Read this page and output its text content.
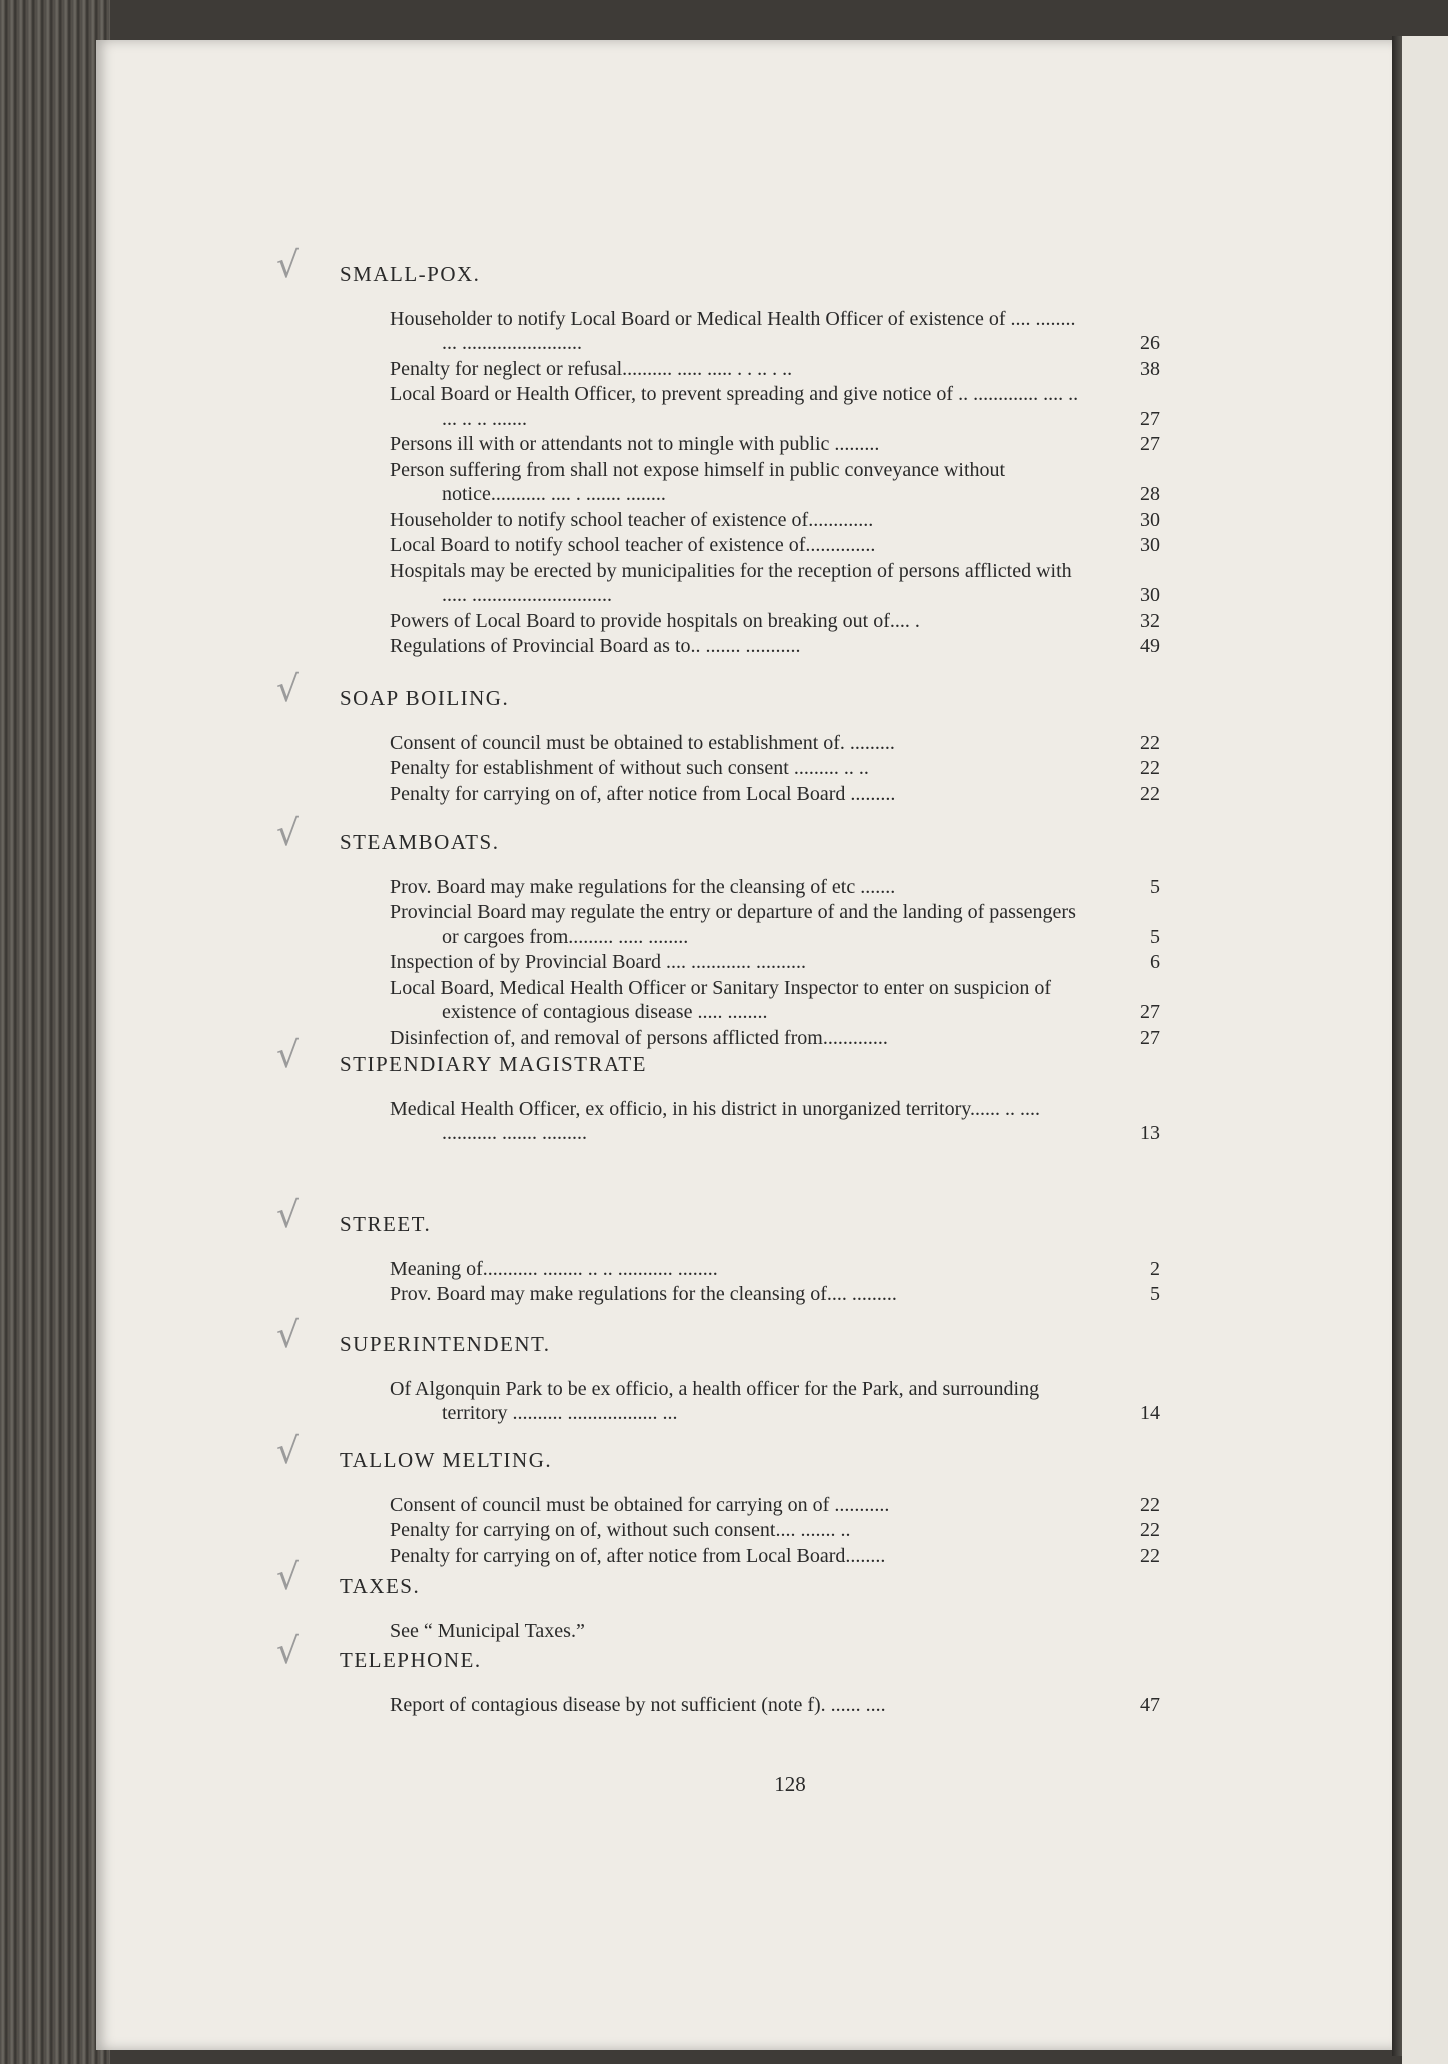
√ SMALL-POX.
Householder to notify Local Board or Medical Health Officer of existence of .... ........ ... ........................	26
Penalty for neglect or refusal.......... ..... ..... . . .. . ..	38
Local Board or Health Officer, to prevent spreading and give notice of .. ............. .... .. ... .. .. .......	27
Persons ill with or attendants not to mingle with public .........	27
Person suffering from shall not expose himself in public conveyance without notice........... .... . ....... ........	28
Householder to notify school teacher of existence of.............	30
Local Board to notify school teacher of existence of..............	30
Hospitals may be erected by municipalities for the reception of persons afflicted with ..... ............................	30
Powers of Local Board to provide hospitals on breaking out of.... .	32
Regulations of Provincial Board as to.. ....... ...........	49
√ SOAP BOILING.
Consent of council must be obtained to establishment of. .........	22
Penalty for establishment of without such consent ......... .. ..	22
Penalty for carrying on of, after notice from Local Board .........	22
√ STEAMBOATS.
Prov. Board may make regulations for the cleansing of etc .......	5
Provincial Board may regulate the entry or departure of and the landing of passengers or cargoes from......... ..... ........	5
Inspection of by Provincial Board .... ............ ..........	6
Local Board, Medical Health Officer or Sanitary Inspector to enter on suspicion of existence of contagious disease ..... ........	27
Disinfection of, and removal of persons afflicted from.............	27
√ STIPENDIARY MAGISTRATE
Medical Health Officer, ex officio, in his district in unorganized territory...... .. .... ........... ....... .........	13
√ STREET.
Meaning of........... ........ .. .. ........... ........	2
Prov. Board may make regulations for the cleansing of.... .........	5
√ SUPERINTENDENT.
Of Algonquin Park to be ex officio, a health officer for the Park, and surrounding territory .......... .................. ...	14
√ TALLOW MELTING.
Consent of council must be obtained for carrying on of ...........	22
Penalty for carrying on of, without such consent.... ....... ..	22
Penalty for carrying on of, after notice from Local Board........	22
√ TAXES.
See “ Municipal Taxes.”
√ TELEPHONE.
Report of contagious disease by not sufficient (note f). ...... ....	47
128
